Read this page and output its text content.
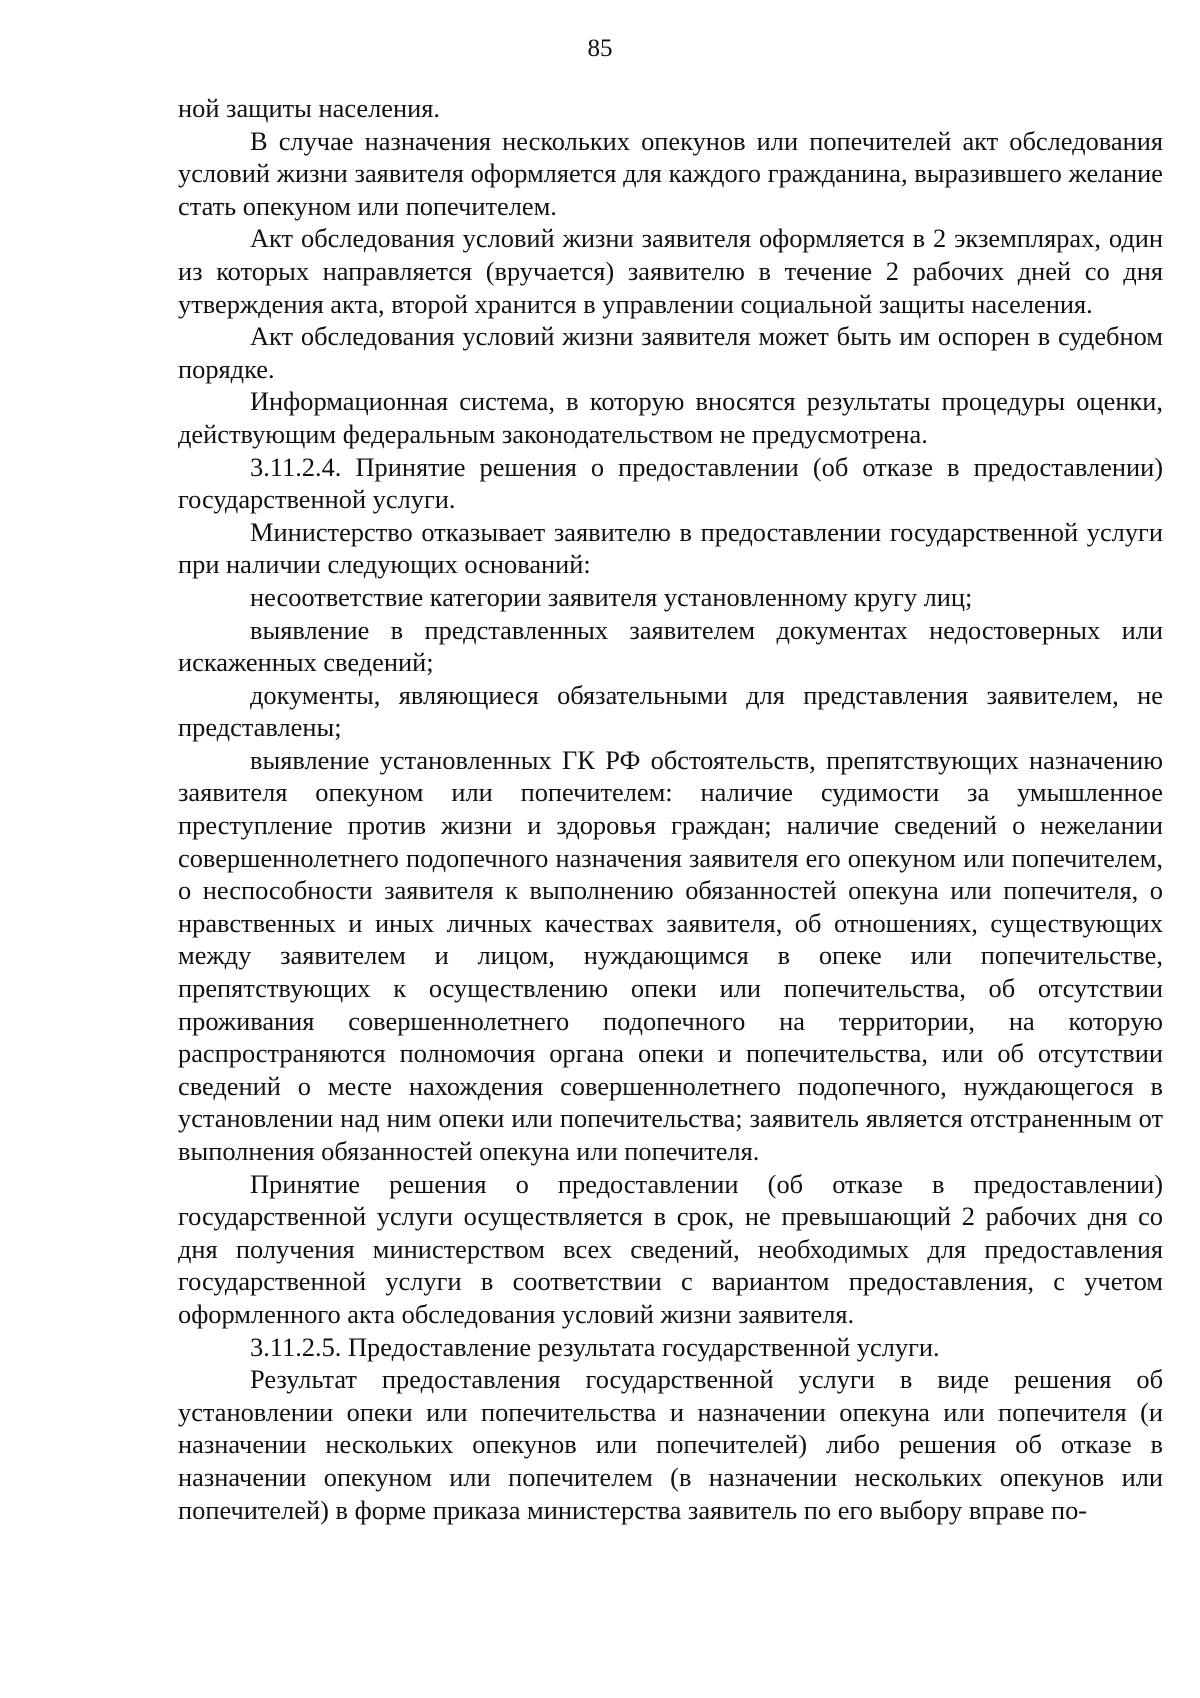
85

ной защиты населения.

В случае назначения нескольких опекунов или попечителей акт обследования условий жизни заявителя оформляется для каждого гражданина, выразившего желание стать опекуном или попечителем.

Акт обследования условий жизни заявителя оформляется в 2 экземплярах, один из которых направляется (вручается) заявителю в течение 2 рабочих дней со дня утверждения акта, второй хранится в управлении социальной защиты населения.

Акт обследования условий жизни заявителя может быть им оспорен в судебном порядке.

Информационная система, в которую вносятся результаты процедуры оценки, действующим федеральным законодательством не предусмотрена.

3.11.2.4. Принятие решения о предоставлении (об отказе в предоставлении) государственной услуги.

Министерство отказывает заявителю в предоставлении государственной услуги при наличии следующих оснований:

несоответствие категории заявителя установленному кругу лиц;

выявление в представленных заявителем документах недостоверных или искаженных сведений;

документы, являющиеся обязательными для представления заявителем, не представлены;

выявление установленных ГК РФ обстоятельств, препятствующих назначению заявителя опекуном или попечителем: наличие судимости за умышленное преступление против жизни и здоровья граждан; наличие сведений о нежелании совершеннолетнего подопечного назначения заявителя его опекуном или попечителем, о неспособности заявителя к выполнению обязанностей опекуна или попечителя, о нравственных и иных личных качествах заявителя, об отношениях, существующих между заявителем и лицом, нуждающимся в опеке или попечительстве, препятствующих к осуществлению опеки или попечительства, об отсутствии проживания совершеннолетнего подопечного на территории, на которую распространяются полномочия органа опеки и попечительства, или об отсутствии сведений о месте нахождения совершеннолетнего подопечного, нуждающегося в установлении над ним опеки или попечительства; заявитель является отстраненным от выполнения обязанностей опекуна или попечителя.

Принятие решения о предоставлении (об отказе в предоставлении) государственной услуги осуществляется в срок, не превышающий 2 рабочих дня со дня получения министерством всех сведений, необходимых для предоставления государственной услуги в соответствии с вариантом предоставления, с учетом оформленного акта обследования условий жизни заявителя.

3.11.2.5. Предоставление результата государственной услуги.

Результат предоставления государственной услуги в виде решения об установлении опеки или попечительства и назначении опекуна или попечителя (и назначении нескольких опекунов или попечителей) либо решения об отказе в назначении опекуном или попечителем (в назначении нескольких опекунов или попечителей) в форме приказа министерства заявитель по его выбору вправе по-
